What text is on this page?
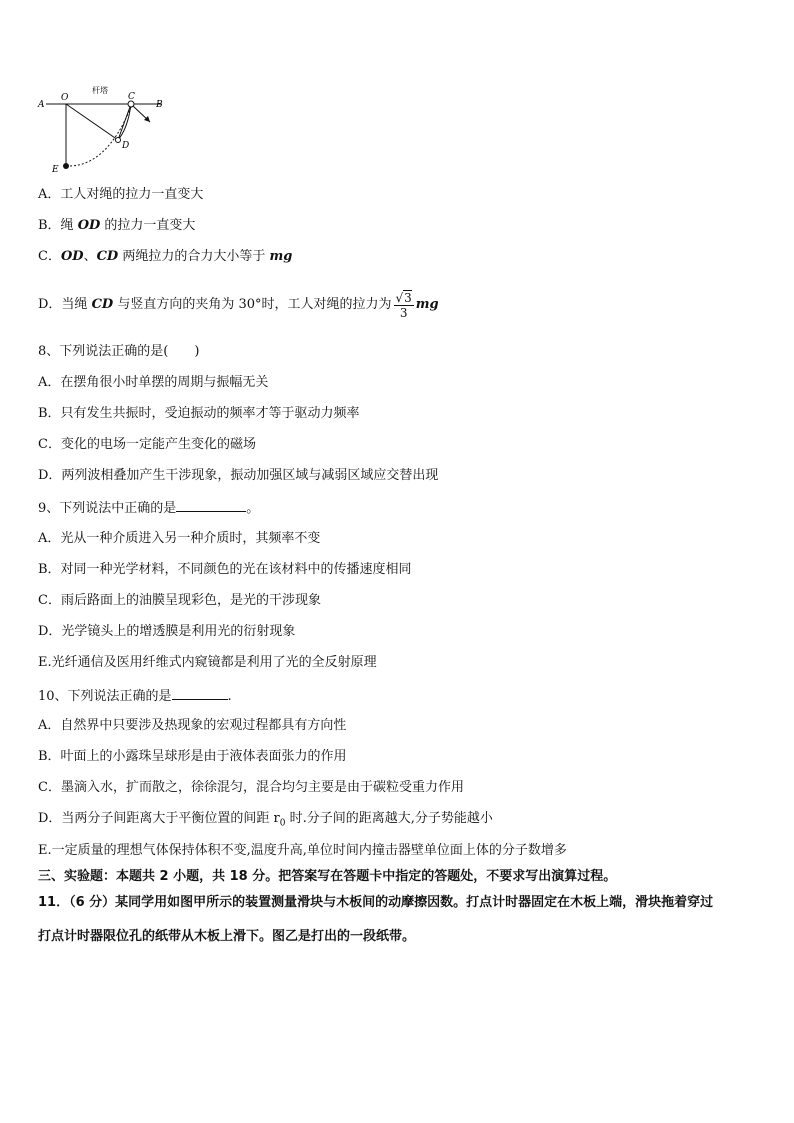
A
O
杆塔
C
B
D
E
A．工人对绳的拉力一直变大
B．绳 OD 的拉力一直变大
C．OD、CD 两绳拉力的合力大小等于 mg
D．当绳 CD 与竖直方向的夹角为 30°时，工人对绳的拉力为 $\frac{√3}{3}$ mg
8、下列说法正确的是(　　)
A．在摆角很小时单摆的周期与振幅无关
B．只有发生共振时，受迫振动的频率才等于驱动力频率
C．变化的电场一定能产生变化的磁场
D．两列波相叠加产生干涉现象，振动加强区域与减弱区域应交替出现
9、下列说法中正确的是	。
A．光从一种介质进入另一种介质时，其频率不变
B．对同一种光学材料，不同颜色的光在该材料中的传播速度相同
C．雨后路面上的油膜呈现彩色，是光的干涉现象
D．光学镜头上的增透膜是利用光的衍射现象
E.光纤通信及医用纤维式内窥镜都是利用了光的全反射原理
10、下列说法正确的是	.
A．自然界中只要涉及热现象的宏观过程都具有方向性
B．叶面上的小露珠呈球形是由于液体表面张力的作用
C．墨滴入水，扩而散之，徐徐混匀，混合均匀主要是由于碳粒受重力作用
D．当两分子间距离大于平衡位置的间距 $r_0$ 时.分子间的距离越大,分子势能越小
E.一定质量的理想气体保持体积不变,温度升高,单位时间内撞击器壁单位面上体的分子数增多
三、实验题：本题共 2 小题，共 18 分。把答案写在答题卡中指定的答题处，不要求写出演算过程。
11．（6 分）某同学用如图甲所示的装置测量滑块与木板间的动摩擦因数。打点计时器固定在木板上端，滑块拖着穿过
打点计时器限位孔的纸带从木板上滑下。图乙是打出的一段纸带。
